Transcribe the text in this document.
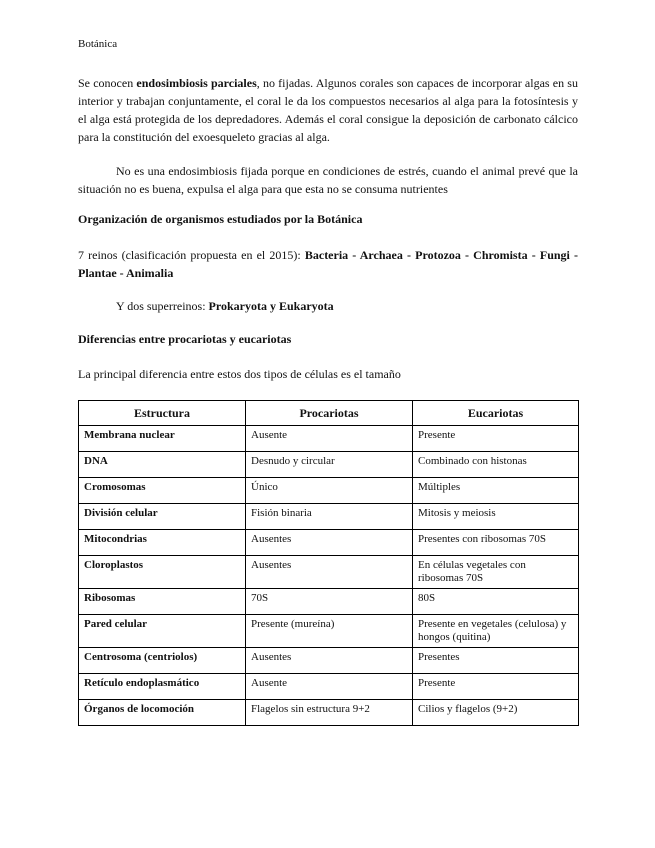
Botánica

Se conocen endosimbiosis parciales, no fijadas. Algunos corales son capaces de incorporar algas en su interior y trabajan conjuntamente, el coral le da los compuestos necesarios al alga para la fotosíntesis y el alga está protegida de los depredadores. Además el coral consigue la deposición de carbonato cálcico para la constitución del exoesqueleto gracias al alga.

No es una endosimbiosis fijada porque en condiciones de estrés, cuando el animal prevé que la situación no es buena, expulsa el alga para que esta no se consuma nutrientes

Organización de organismos estudiados por la Botánica

7 reinos (clasificación propuesta en el 2015): Bacteria - Archaea - Protozoa - Chromista - Fungi - Plantae - Animalia

Y dos superreinos: Prokaryota y Eukaryota

Diferencias entre procariotas y eucariotas

La principal diferencia entre estos dos tipos de células es el tamaño

Estructura	Procariotas	Eucariotas
Membrana nuclear	Ausente	Presente
DNA	Desnudo y circular	Combinado con histonas
Cromosomas	Único	Múltiples
División celular	Fisión binaria	Mitosis y meiosis
Mitocondrias	Ausentes	Presentes con ribosomas 70S
Cloroplastos	Ausentes	En células vegetales con ribosomas 70S
Ribosomas	70S	80S
Pared celular	Presente (mureína)	Presente en vegetales (celulosa) y hongos (quitina)
Centrosoma (centriolos)	Ausentes	Presentes
Retículo endoplasmático	Ausente	Presente
Órganos de locomoción	Flagelos sin estructura 9+2	Cilios y flagelos (9+2)
